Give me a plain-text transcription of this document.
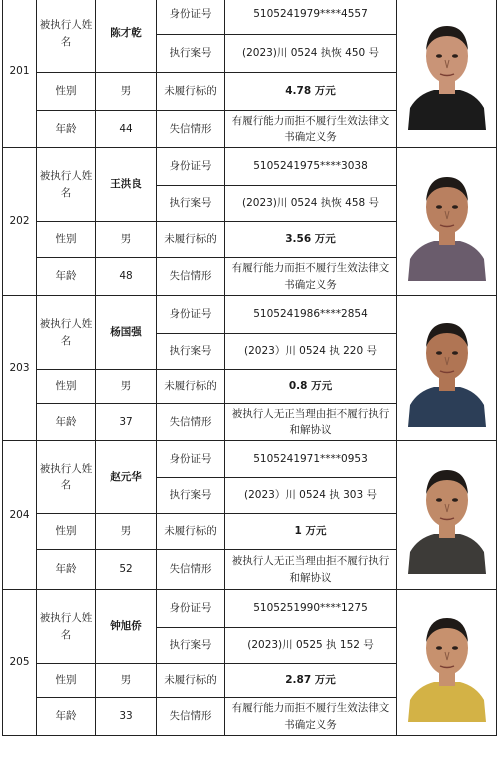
201	被执行人姓名	陈才乾	身份证号	5105241979****4557	

			执行案号	(2023)川 0524 执恢 450 号	
	性别	男	未履行标的	4.78 万元	
	年龄	44	失信情形	有履行能力而拒不履行生效法律文书确定义务	
202	被执行人姓名	王洪良	身份证号	5105241975****3038	

			执行案号	(2023)川 0524 执恢 458 号	
	性别	男	未履行标的	3.56 万元	
	年龄	48	失信情形	有履行能力而拒不履行生效法律文书确定义务	
203	被执行人姓名	杨国强	身份证号	5105241986****2854	

			执行案号	(2023）川 0524 执 220 号	
	性别	男	未履行标的	0.8 万元	
	年龄	37	失信情形	被执行人无正当理由拒不履行执行和解协议	
204	被执行人姓名	赵元华	身份证号	5105241971****0953	

			执行案号	(2023）川 0524 执 303 号	
	性别	男	未履行标的	1 万元	
	年龄	52	失信情形	被执行人无正当理由拒不履行执行和解协议	
205	被执行人姓名	钟旭侨	身份证号	5105251990****1275	

			执行案号	(2023)川 0525 执 152 号	
	性别	男	未履行标的	2.87 万元	
	年龄	33	失信情形	有履行能力而拒不履行生效法律文书确定义务	
